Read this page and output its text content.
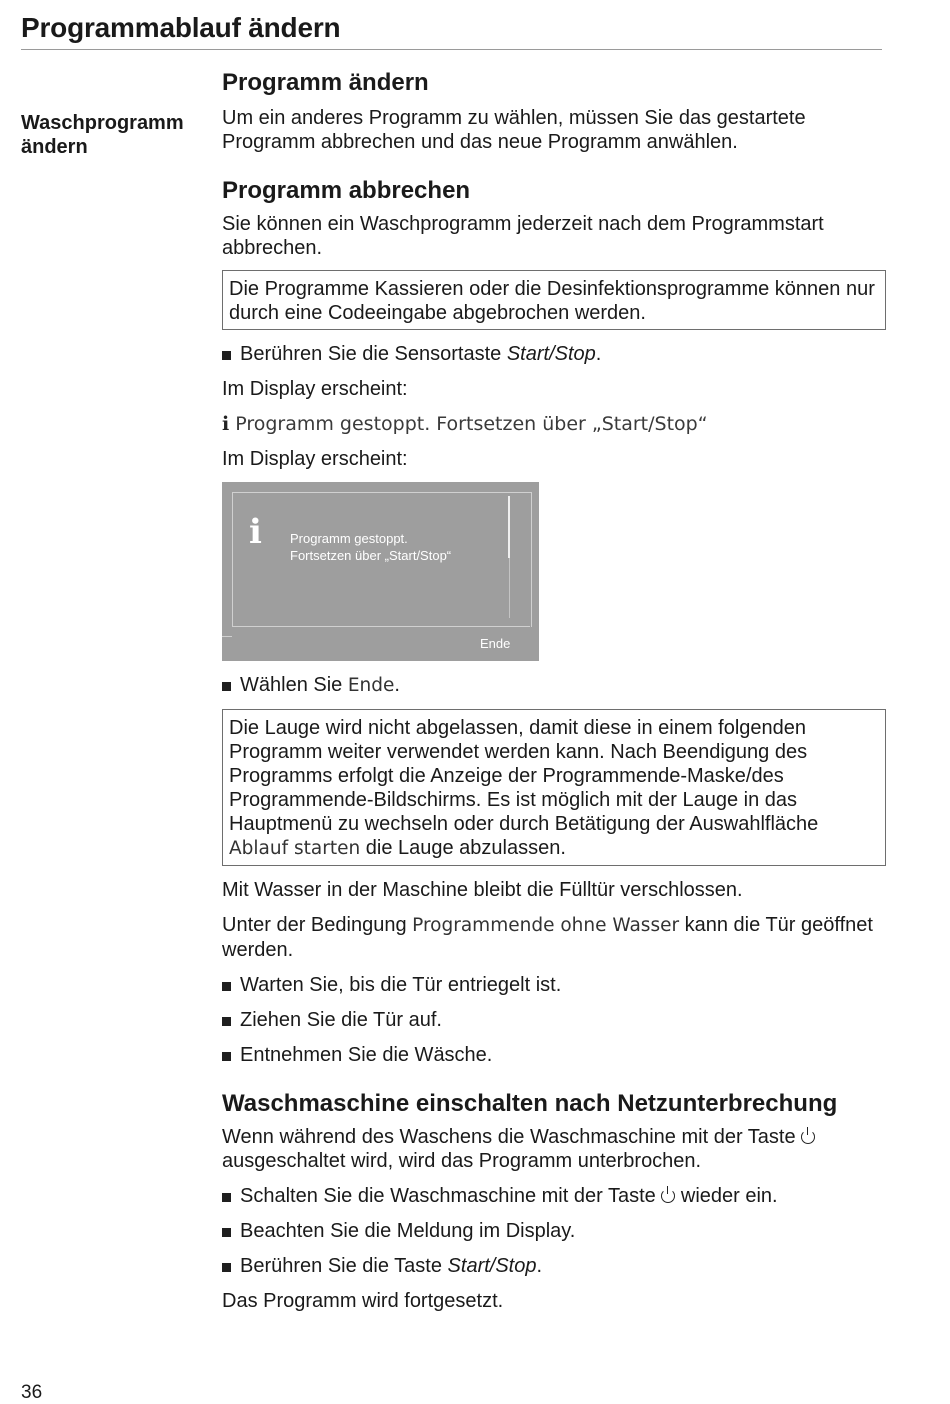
Programmablauf ändern
Waschprogramm
ändern
Programm ändern

Um ein anderes Programm zu wählen, müssen Sie das gestartete Programm abbrechen und das neue Programm anwählen.

Programm abbrechen

Sie können ein Waschprogramm jederzeit nach dem Programmstart abbrechen.

Die Programme Kassieren oder die Desinfektionsprogramme können nur durch eine Codeeingabe abgebrochen werden.

Berühren Sie die Sensortaste Start/Stop.

Im Display erscheint:

i Programm gestoppt. Fortsetzen über „Start/Stop“

Im Display erscheint:

i Programm gestoppt.
Fortsetzen über „Start/Stop“
Ende

Wählen Sie Ende.

Die Lauge wird nicht abgelassen, damit diese in einem folgenden Programm weiter verwendet werden kann. Nach Beendigung des Programms erfolgt die Anzeige der Programmende-Maske/des Programmende-Bildschirms. Es ist möglich mit der Lauge in das Hauptmenü zu wechseln oder durch Betätigung der Auswahlfläche Ablauf starten die Lauge abzulassen.

Mit Wasser in der Maschine bleibt die Fülltür verschlossen.

Unter der Bedingung Programmende ohne Wasser kann die Tür geöffnet werden.

Warten Sie, bis die Tür entriegelt ist.

Ziehen Sie die Tür auf.

Entnehmen Sie die Wäsche.

Waschmaschine einschalten nach Netzunterbrechung

Wenn während des Waschens die Waschmaschine mit der Taste  ausgeschaltet wird, wird das Programm unterbrochen.

Schalten Sie die Waschmaschine mit der Taste  wieder ein.

Beachten Sie die Meldung im Display.

Berühren Sie die Taste Start/Stop.

Das Programm wird fortgesetzt.

36
